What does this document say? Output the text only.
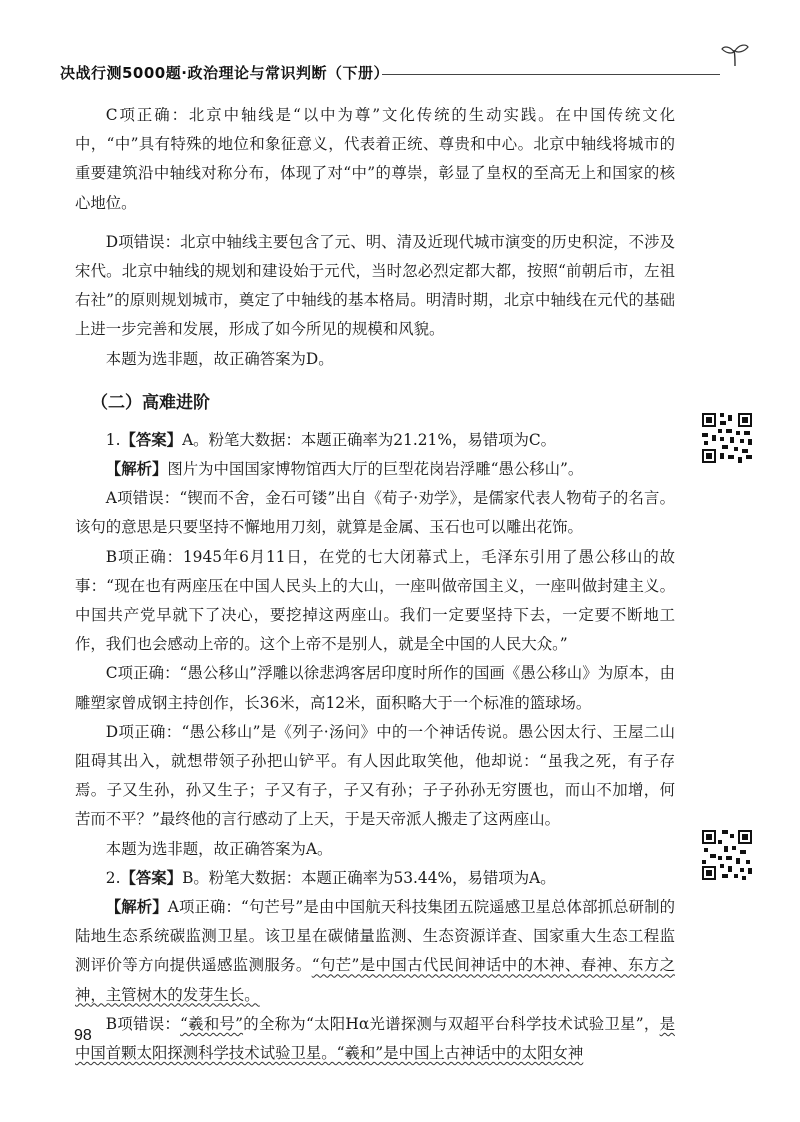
决战行测5000题·政治理论与常识判断（下册）

C项正确：北京中轴线是“以中为尊”文化传统的生动实践。在中国传统文化中，“中”具有特殊的地位和象征意义，代表着正统、尊贵和中心。北京中轴线将城市的重要建筑沿中轴线对称分布，体现了对“中”的尊崇，彰显了皇权的至高无上和国家的核心地位。

D项错误：北京中轴线主要包含了元、明、清及近现代城市演变的历史积淀，不涉及宋代。北京中轴线的规划和建设始于元代，当时忽必烈定都大都，按照“前朝后市，左祖右社”的原则规划城市，奠定了中轴线的基本格局。明清时期，北京中轴线在元代的基础上进一步完善和发展，形成了如今所见的规模和风貌。

本题为选非题，故正确答案为D。

（二）高难进阶

1.【答案】A。粉笔大数据：本题正确率为21.21%，易错项为C。

【解析】图片为中国国家博物馆西大厅的巨型花岗岩浮雕“愚公移山”。

A项错误：“锲而不舍，金石可镂”出自《荀子·劝学》，是儒家代表人物荀子的名言。该句的意思是只要坚持不懈地用刀刻，就算是金属、玉石也可以雕出花饰。

B项正确：1945年6月11日，在党的七大闭幕式上，毛泽东引用了愚公移山的故事：“现在也有两座压在中国人民头上的大山，一座叫做帝国主义，一座叫做封建主义。中国共产党早就下了决心，要挖掉这两座山。我们一定要坚持下去，一定要不断地工作，我们也会感动上帝的。这个上帝不是别人，就是全中国的人民大众。”

C项正确：“愚公移山”浮雕以徐悲鸿客居印度时所作的国画《愚公移山》为原本，由雕塑家曾成钢主持创作，长36米，高12米，面积略大于一个标准的篮球场。

D项正确：“愚公移山”是《列子·汤问》中的一个神话传说。愚公因太行、王屋二山阻碍其出入，就想带领子孙把山铲平。有人因此取笑他，他却说：“虽我之死，有子存焉。子又生孙，孙又生子；子又有子，子又有孙；子子孙孙无穷匮也，而山不加增，何苦而不平？”最终他的言行感动了上天，于是天帝派人搬走了这两座山。

本题为选非题，故正确答案为A。

2.【答案】B。粉笔大数据：本题正确率为53.44%，易错项为A。

【解析】A项正确：“句芒号”是由中国航天科技集团五院遥感卫星总体部抓总研制的陆地生态系统碳监测卫星。该卫星在碳储量监测、生态资源详查、国家重大生态工程监测评价等方向提供遥感监测服务。“句芒”是中国古代民间神话中的木神、春神、东方之神，主管树木的发芽生长。

B项错误：“羲和号”的全称为“太阳Hα光谱探测与双超平台科学技术试验卫星”，是中国首颗太阳探测科学技术试验卫星。“羲和”是中国上古神话中的太阳女神

98
